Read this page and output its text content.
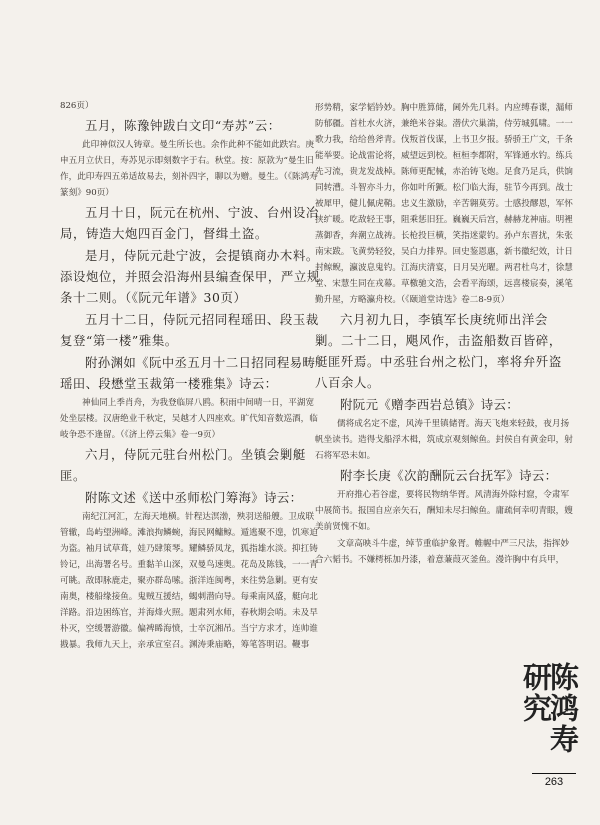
826页）

五月，陈豫钟跋白文印“寿苏”云：

此印神似汉人铸章。曼生所长也。余作此种不能如此跌宕。庚申五月立伏日，寿苏见示即刻数字于右。秋堂。按：原款为“曼生旧作，此印寿四五弟适故易去，刻补四字，聊以为赠。曼生。（《陈鸿寿篆刻》90页）

五月十日，阮元在杭州、宁波、台州设冶局，铸造大炮四百金门，督缉土盗。

是月，侍阮元赴宁波，会提镇商办木料。添设炮位，并照会沿海州县编查保甲，严立规条十二则。（《阮元年谱》30页）

五月十二日，侍阮元招同程瑶田、段玉裁复登“第一楼”雅集。

附孙渊如《阮中丞五月十二日招同程易畴瑶田、段懋堂玉裁第一楼雅集》诗云：

神仙同上季肖舟，为我登临屏八鸥。积雨中间晴一日，平湖宽处坐层楼。汉唐绝业千秋定，吴越才人四座欢。旷代知音数巡酒，临岐争恐不逢留。（《济上停云集》卷一9页）

六月，侍阮元驻台州松门。坐镇会剿艇匪。

附陈文述《送中丞师松门筹海》诗云：

南纪江河汇，左海天地横。针程达溟渤，殃羽送船艘。卫成联管辙，岛屿望洲峰。滩浪拘鳞蜿，海民网鳙鲸。遁逃聚不遑，饥寒迫为盗。袖月试草葺，娃乃肆策琴。耀鳞骄凤龙，狐指雄水淡。抑扛铸铃记，出海署名号。重黏羊山深，双曼鸟速奥。花岛及陈钱，一一青可眺。敌即脉鹿走，聚亦群岛嗦。浙洋连闽粤，来往势急剿。更有安南奥，楼船缘接鱼。鬼贼互援结，蝎刺潜向导。每乘南风盛，艇向北洋路。沿边困练官，并海烽火照。题肃列水师，春秋期会哨。未及早朴灭，空缓署游徽。偏裨睎海愤，士卒沉湘吊。当宁方求才，连帅谁戡暴。我师九天上，亲承宣室召。渊涛秉庙略，筹笔答明诏。鞭事

形势精，家学韬钤妙。胸中胜算储，阃外先几料。内应缚春谍，漏师防郁疆。首杜水火济，兼绝米谷粜。潜伏穴巢湍，侍劳城狐啸。一一歌力我，给给兽斧青。伐叛首伐谋，上书卫夕报。骄骄王广文，千条能举要。论战雷论将，威望远到校。桓桓李都附，军锋通水钓。练兵先习流，贵龙发战棹。陈师更配械，赤治铸飞炮。足食乃足兵，供饷同转漕。斗智亦斗力，你如叶所獗。松门临大海，驻节今再到。战士被犀甲，健儿佩虎鞘。忠义生激励，辛苦翱莫劳。士感投醪恩，军怀挟纩暖。吃敌轻王事，阻乘惩旧狂。巍巍天后宫，赫赫龙神庙。明裡蒸御香，奔潮立战祷。长枪投巨横，笑指迷蒙钓。孙卢东晋扰，朱张南宋跋。飞黄势轻狡，吴白力排界。回史鉴恩惠，新书徽纪效，计日封鲸鲵，瀛波息鬼钓。江海庆清宴，日月吴光曜。两君杜鸟才，徐慧堂、宋慧生同在戎幕。草檄驰文浩，会看平海颂，远喜楼宸奏，溪笔勤升屋，方略瀛舟校。（《颐道堂诗选》卷二8-9页）

六月初九日，李镇军长庚统师出洋会剿。二十二日，飓风作，击盗船数百皆碎，艇匪歼焉。中丞驻台州之松门，率将弁歼盗八百余人。

附阮元《赠李西岩总镇》诗云：

儒将成名定不虚，风涛千里镇储胥。海天飞炮来轻鼓，夜月扬帆坐读书。造得戈船浮木楫，筑成京观刻鲸鱼。封侯自有黄金印，射石将军恐未如。

附李长庚《次韵酬阮云台抚军》诗云：

开府推心若谷虚，要将民物纳华胥。风清海外除村窟，令肃军中展简书。报国自应亲矢石，酬知未尽扫鲸鱼。庸疏何幸叨青眼，嫂美前贤愧不如。

文章高映斗牛虚，绰节重临护象胥。帷幄中严三尺法，指挥妙合六韬书。不嫌樗栎加丹漆，着意蒹葭灭釜鱼。漫许胸中有兵甲，

陈鸿寿研究
263
